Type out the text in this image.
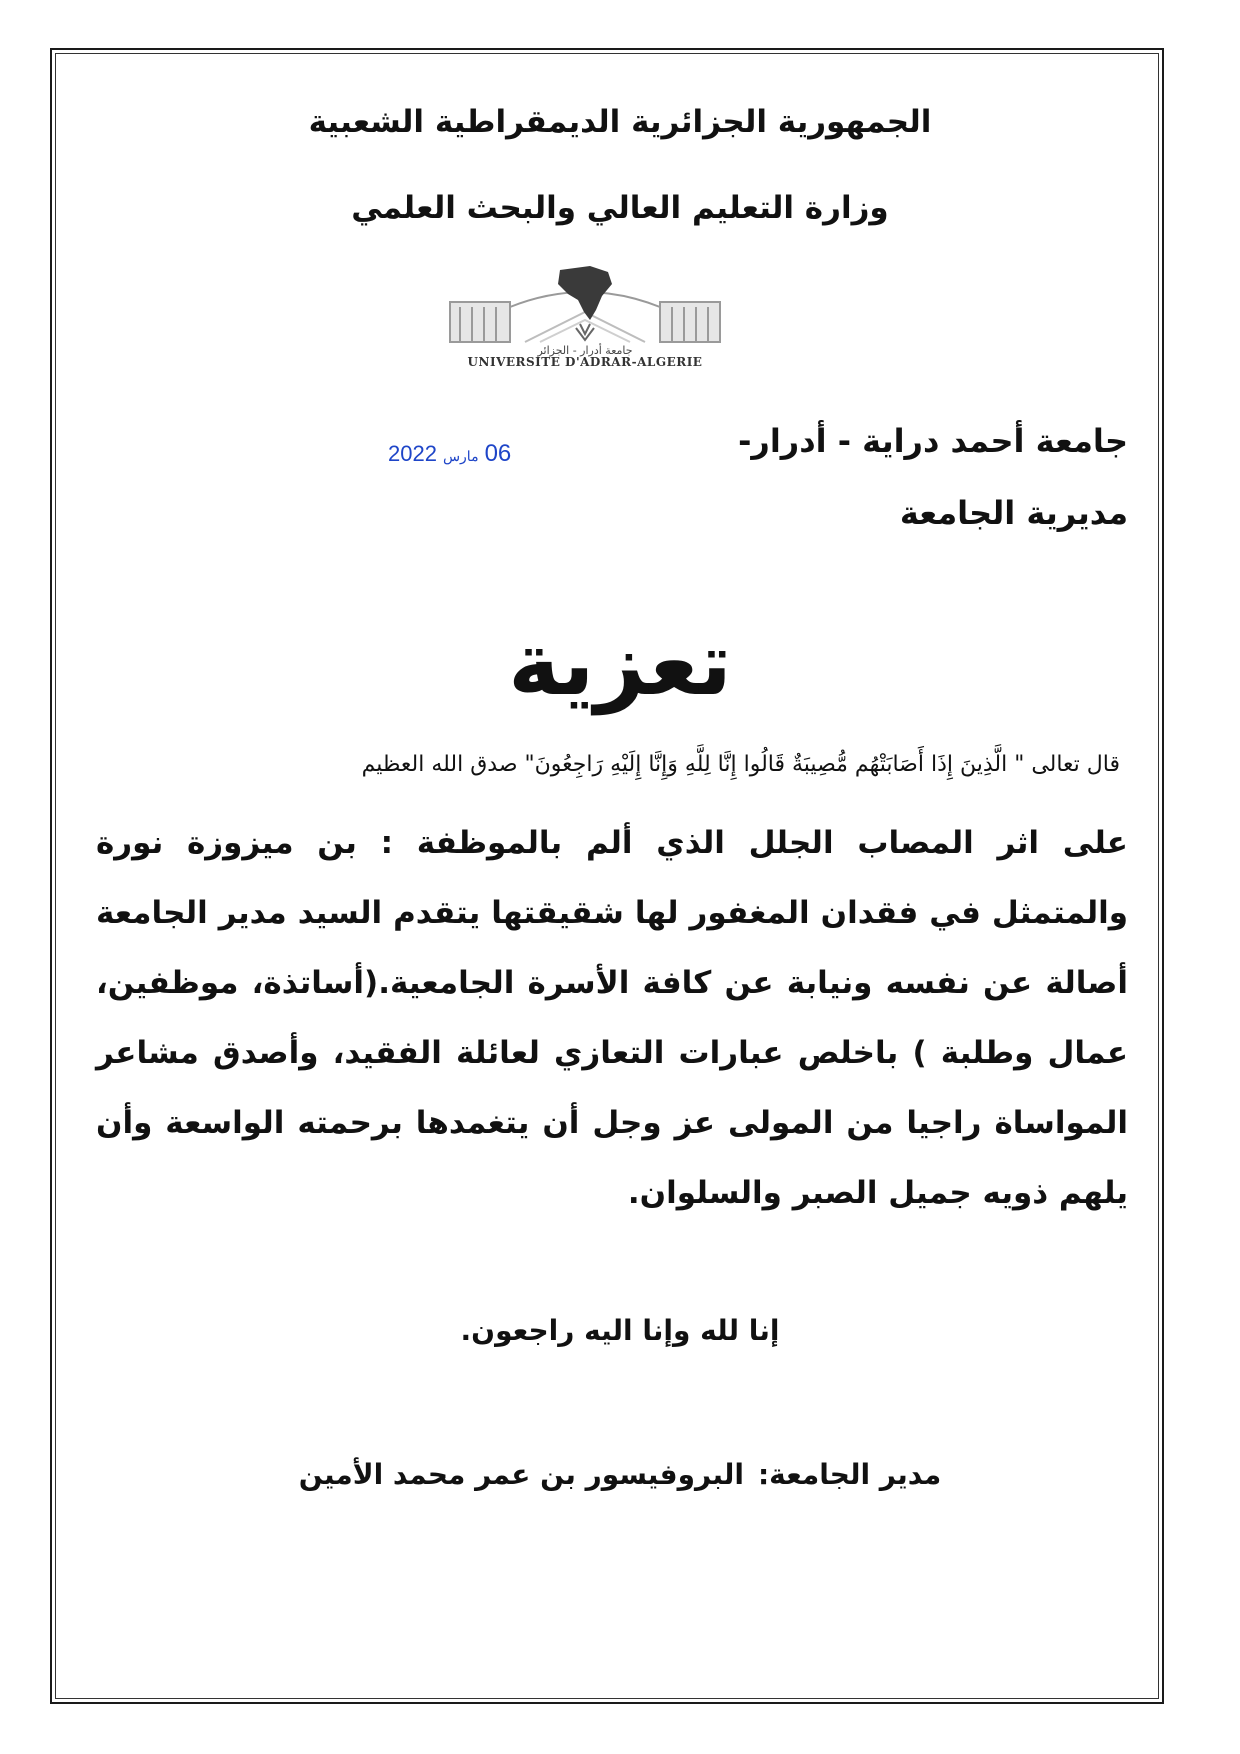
الجمهورية الجزائرية الديمقراطية الشعبية
وزارة التعليم العالي والبحث العلمي
جامعة أدرار - الجزائر
UNIVERSITE D'ADRAR-ALGERIE
06مارس2022	جامعة أحمد دراية - أدرار-
مديرية الجامعة
تعزية
قال تعالى " الَّذِينَ إِذَا أَصَابَتْهُم مُّصِيبَةٌ قَالُوا إِنَّا لِلَّهِ وَإِنَّا إِلَيْهِ رَاجِعُونَ" صدق الله العظيم
على اثر المصاب الجلل الذي ألم بالموظفة : بن ميزوزة نورة والمتمثل في فقدان المغفور لها شقيقتها يتقدم السيد مدير الجامعة أصالة عن نفسه ونيابة عن كافة الأسرة الجامعية.(أساتذة، موظفين، عمال وطلبة ) باخلص عبارات التعازي لعائلة الفقيد، وأصدق مشاعر المواساة راجيا من المولى عز وجل أن يتغمدها برحمته الواسعة وأن يلهم ذويه جميل الصبر والسلوان.
إنا لله وإنا اليه راجعون.
مدير الجامعة:البروفيسور بن عمر محمد الأمين
